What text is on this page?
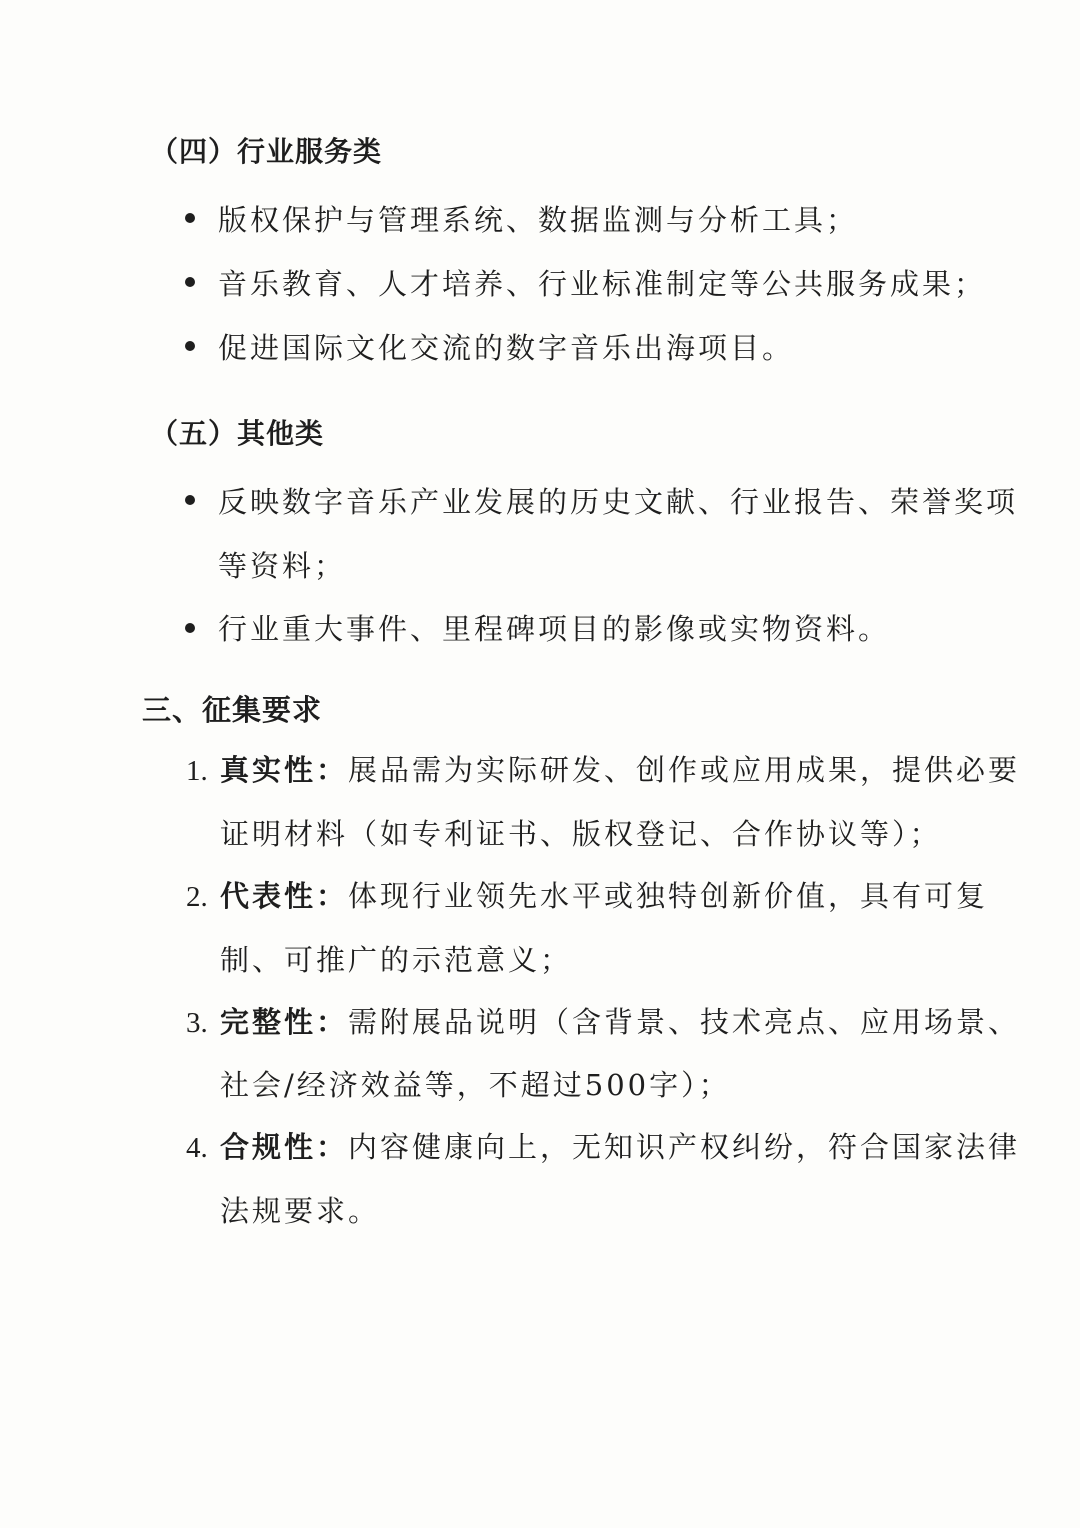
（四）行业服务类
版权保护与管理系统、数据监测与分析工具；
音乐教育、人才培养、行业标准制定等公共服务成果；
促进国际文化交流的数字音乐出海项目。
（五）其他类
反映数字音乐产业发展的历史文献、行业报告、荣誉奖项
等资料；
行业重大事件、里程碑项目的影像或实物资料。
三、征集要求
1. 真实性：展品需为实际研发、创作或应用成果，提供必要
证明材料（如专利证书、版权登记、合作协议等）；
2. 代表性：体现行业领先水平或独特创新价值，具有可复
制、可推广的示范意义；
3. 完整性：需附展品说明（含背景、技术亮点、应用场景、
社会/经济效益等，不超过500字）；
4. 合规性：内容健康向上，无知识产权纠纷，符合国家法律
法规要求。
